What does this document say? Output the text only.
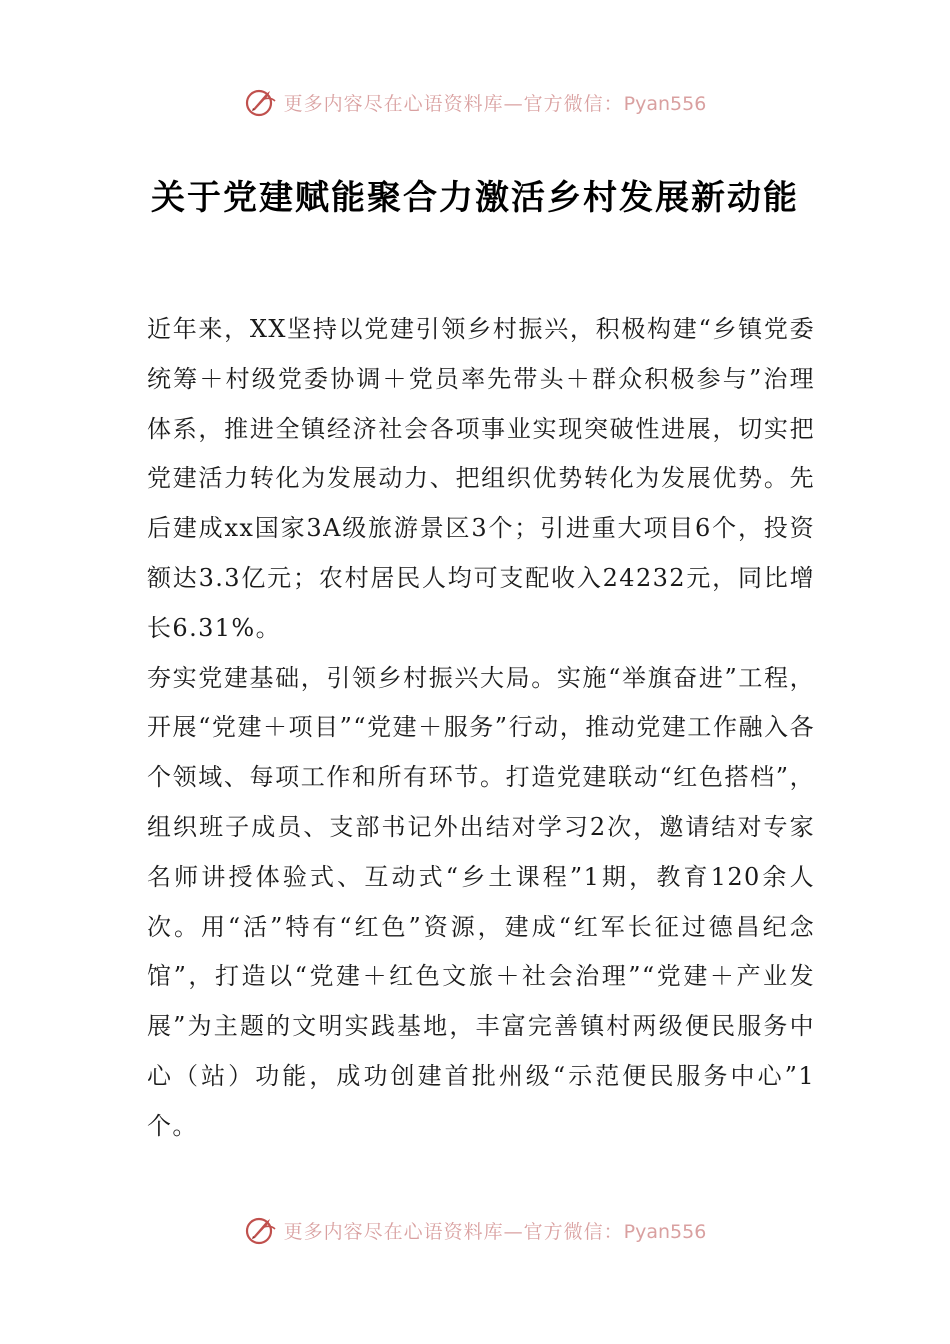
更多内容尽在心语资料库—官方微信：Pyan556
关于党建赋能聚合力激活乡村发展新动能

近年来，XX坚持以党建引领乡村振兴，积极构建“乡镇党委统筹＋村级党委协调＋党员率先带头＋群众积极参与”治理体系，推进全镇经济社会各项事业实现突破性进展，切实把党建活力转化为发展动力、把组织优势转化为发展优势。先后建成xx国家3A级旅游景区3个；引进重大项目6个，投资额达3.3亿元；农村居民人均可支配收入24232元，同比增长6.31%。

夯实党建基础，引领乡村振兴大局。实施“举旗奋进”工程，开展“党建＋项目”“党建＋服务”行动，推动党建工作融入各个领域、每项工作和所有环节。打造党建联动“红色搭档”，组织班子成员、支部书记外出结对学习2次，邀请结对专家名师讲授体验式、互动式“乡土课程”1期，教育120余人次。用“活”特有“红色”资源，建成“红军长征过德昌纪念馆”，打造以“党建＋红色文旅＋社会治理”“党建＋产业发展”为主题的文明实践基地，丰富完善镇村两级便民服务中心（站）功能，成功创建首批州级“示范便民服务中心”1个。

更多内容尽在心语资料库—官方微信：Pyan556
